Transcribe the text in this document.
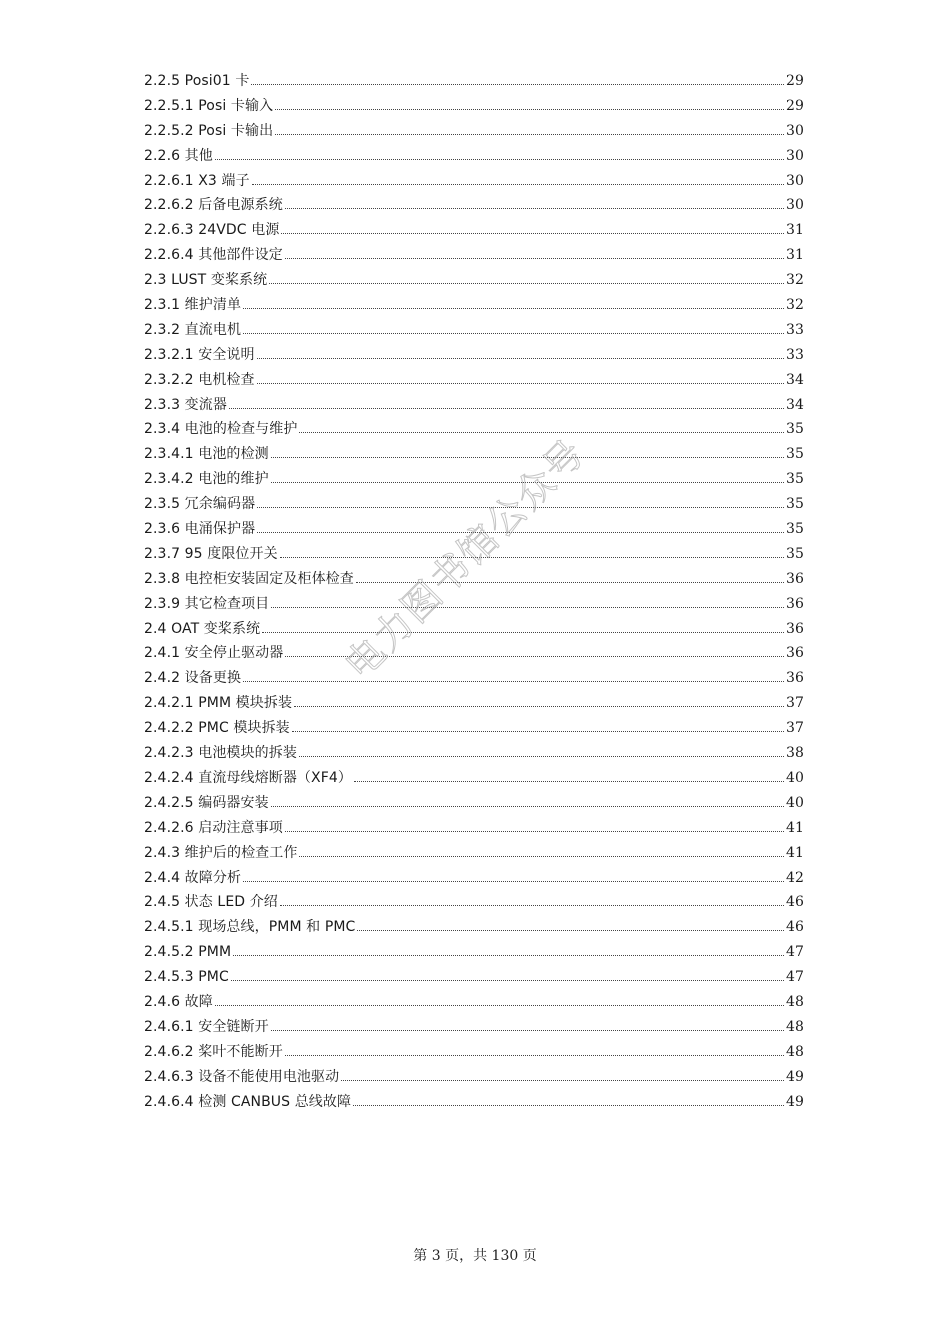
2.2.5 Posi01 卡	29
2.2.5.1 Posi 卡输入	29
2.2.5.2 Posi 卡输出	30
2.2.6 其他	30
2.2.6.1 X3 端子	30
2.2.6.2 后备电源系统	30
2.2.6.3 24VDC 电源	31
2.2.6.4 其他部件设定	31
2.3 LUST 变桨系统	32
2.3.1 维护清单	32
2.3.2 直流电机	33
2.3.2.1 安全说明	33
2.3.2.2 电机检查	34
2.3.3 变流器	34
2.3.4 电池的检查与维护	35
2.3.4.1 电池的检测	35
2.3.4.2 电池的维护	35
2.3.5 冗余编码器	35
2.3.6 电涌保护器	35
2.3.7 95 度限位开关	35
2.3.8 电控柜安装固定及柜体检查	36
2.3.9 其它检查项目	36
2.4 OAT 变桨系统	36
2.4.1 安全停止驱动器	36
2.4.2 设备更换	36
2.4.2.1 PMM 模块拆装	37
2.4.2.2 PMC 模块拆装	37
2.4.2.3 电池模块的拆装	38
2.4.2.4 直流母线熔断器（XF4）	40
2.4.2.5 编码器安装	40
2.4.2.6 启动注意事项	41
2.4.3 维护后的检查工作	41
2.4.4 故障分析	42
2.4.5 状态 LED 介绍	46
2.4.5.1 现场总线，PMM 和 PMC	46
2.4.5.2 PMM	47
2.4.5.3 PMC	47
2.4.6 故障	48
2.4.6.1 安全链断开	48
2.4.6.2 桨叶不能断开	48
2.4.6.3 设备不能使用电池驱动	49
2.4.6.4 检测 CANBUS 总线故障	49
电力图书馆公众号
第 3 页，共 130 页
